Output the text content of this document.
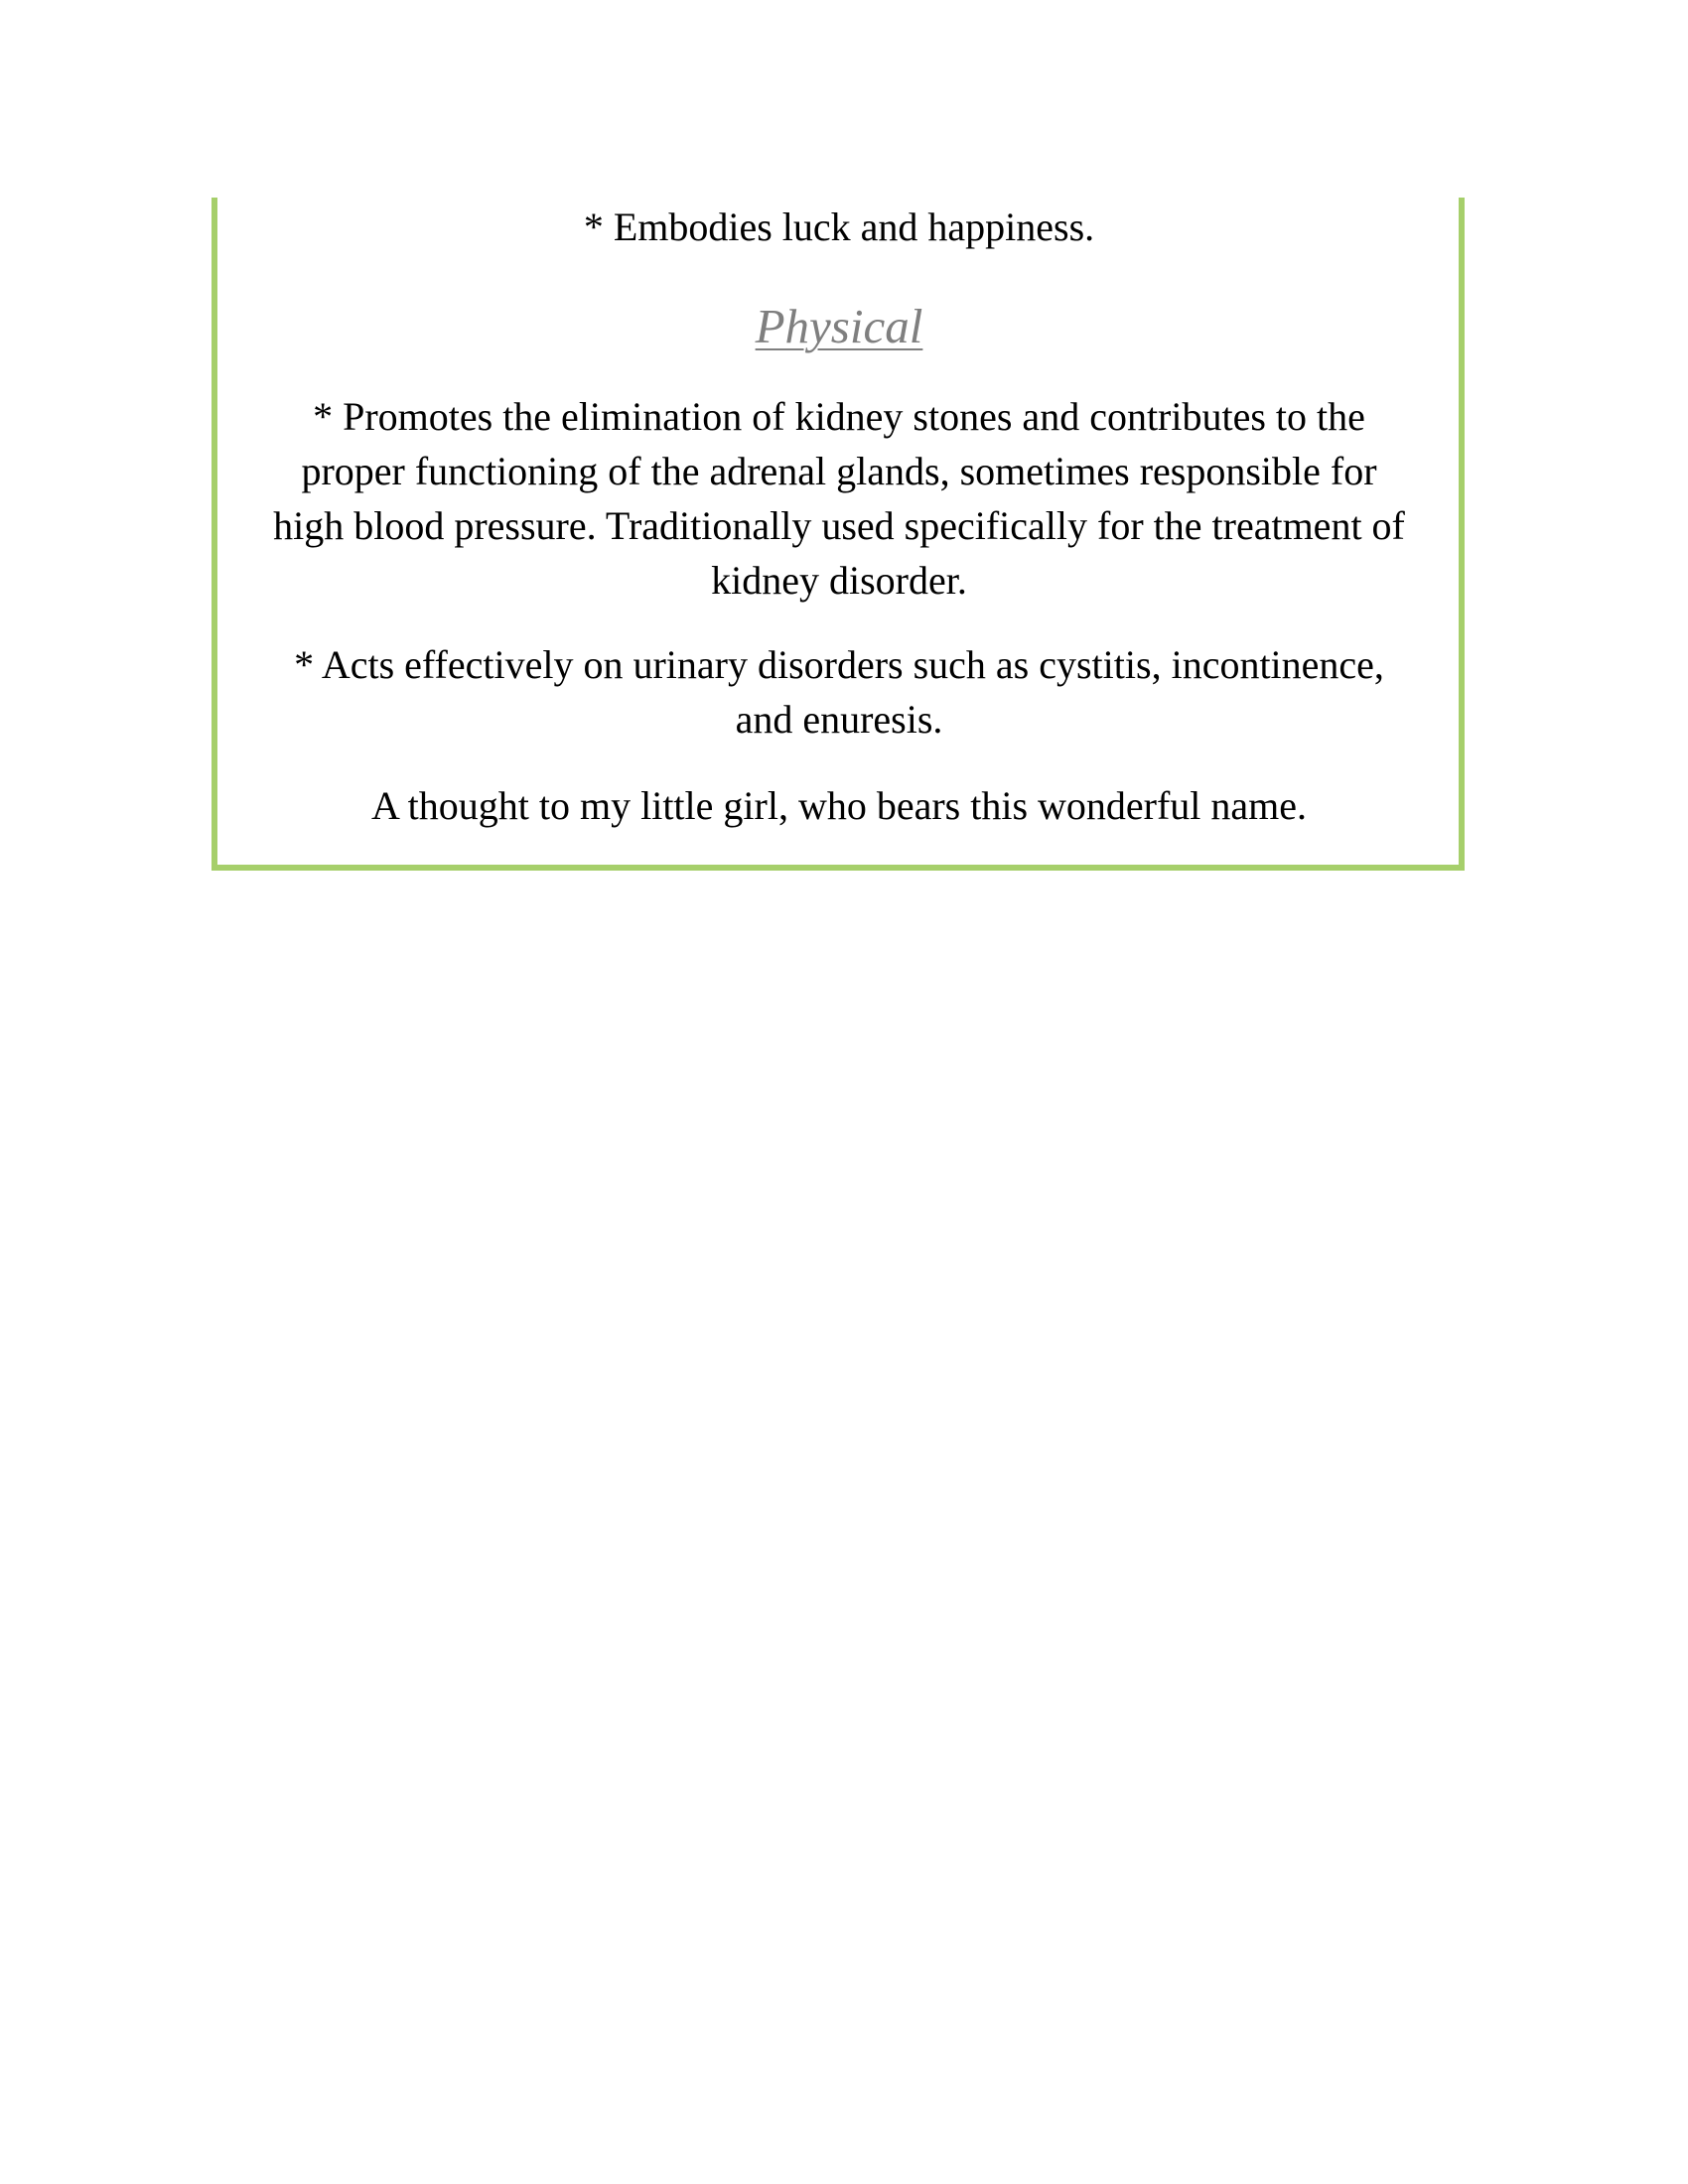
* Embodies luck and happiness.

Physical

* Promotes the elimination of kidney stones and contributes to the proper functioning of the adrenal glands, sometimes responsible for high blood pressure. Traditionally used specifically for the treatment of kidney disorder.

* Acts effectively on urinary disorders such as cystitis, incontinence, and enuresis.

A thought to my little girl, who bears this wonderful name.
